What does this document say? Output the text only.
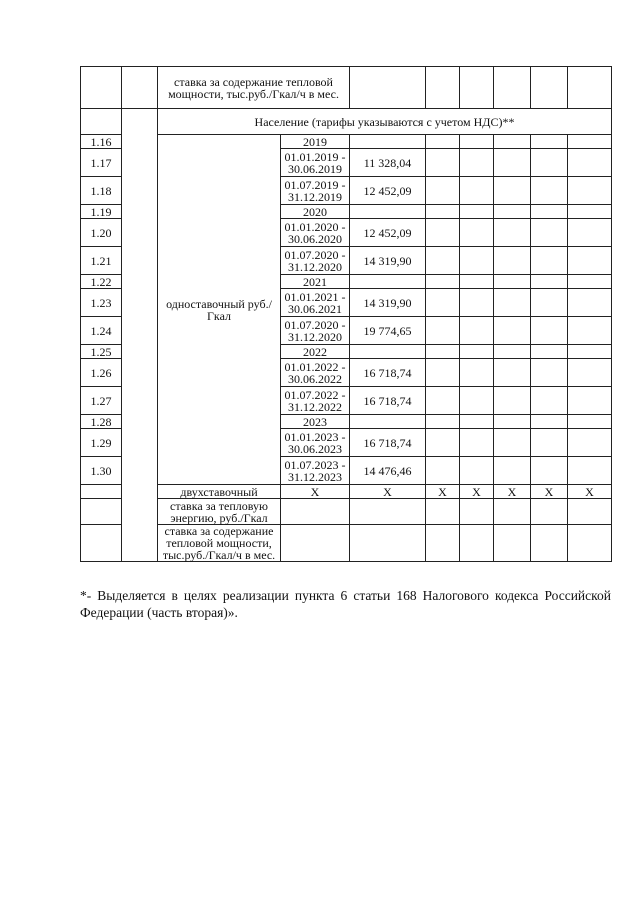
		ставка за содержание тепловой мощности, тыс.руб./Гкал/ч в мес.							
		Население (тарифы указываются с учетом НДС)**							
1.16		одноставочный руб./Гкал	2019						
1.17			01.01.2019 - 30.06.2019	11 328,04					
1.18			01.07.2019 - 31.12.2019	12 452,09					
1.19			2020						
1.20			01.01.2020 - 30.06.2020	12 452,09					
1.21			01.07.2020 - 31.12.2020	14 319,90					
1.22			2021						
1.23			01.01.2021 - 30.06.2021	14 319,90					
1.24			01.07.2020 - 31.12.2020	19 774,65					
1.25			2022						
1.26			01.01.2022 - 30.06.2022	16 718,74					
1.27			01.07.2022 - 31.12.2022	16 718,74					
1.28			2023						
1.29			01.01.2023 - 30.06.2023	16 718,74					
1.30			01.07.2023 - 31.12.2023	14 476,46					
		двухставочный	Х	Х	Х	Х	Х	Х	Х
		ставка за тепловую энергию, руб./Гкал							
		ставка за содержание тепловой мощности, тыс.руб./Гкал/ч в мес.							
*- Выделяется в целях реализации пункта 6 статьи 168 Налогового кодекса Российской Федерации (часть вторая)».
